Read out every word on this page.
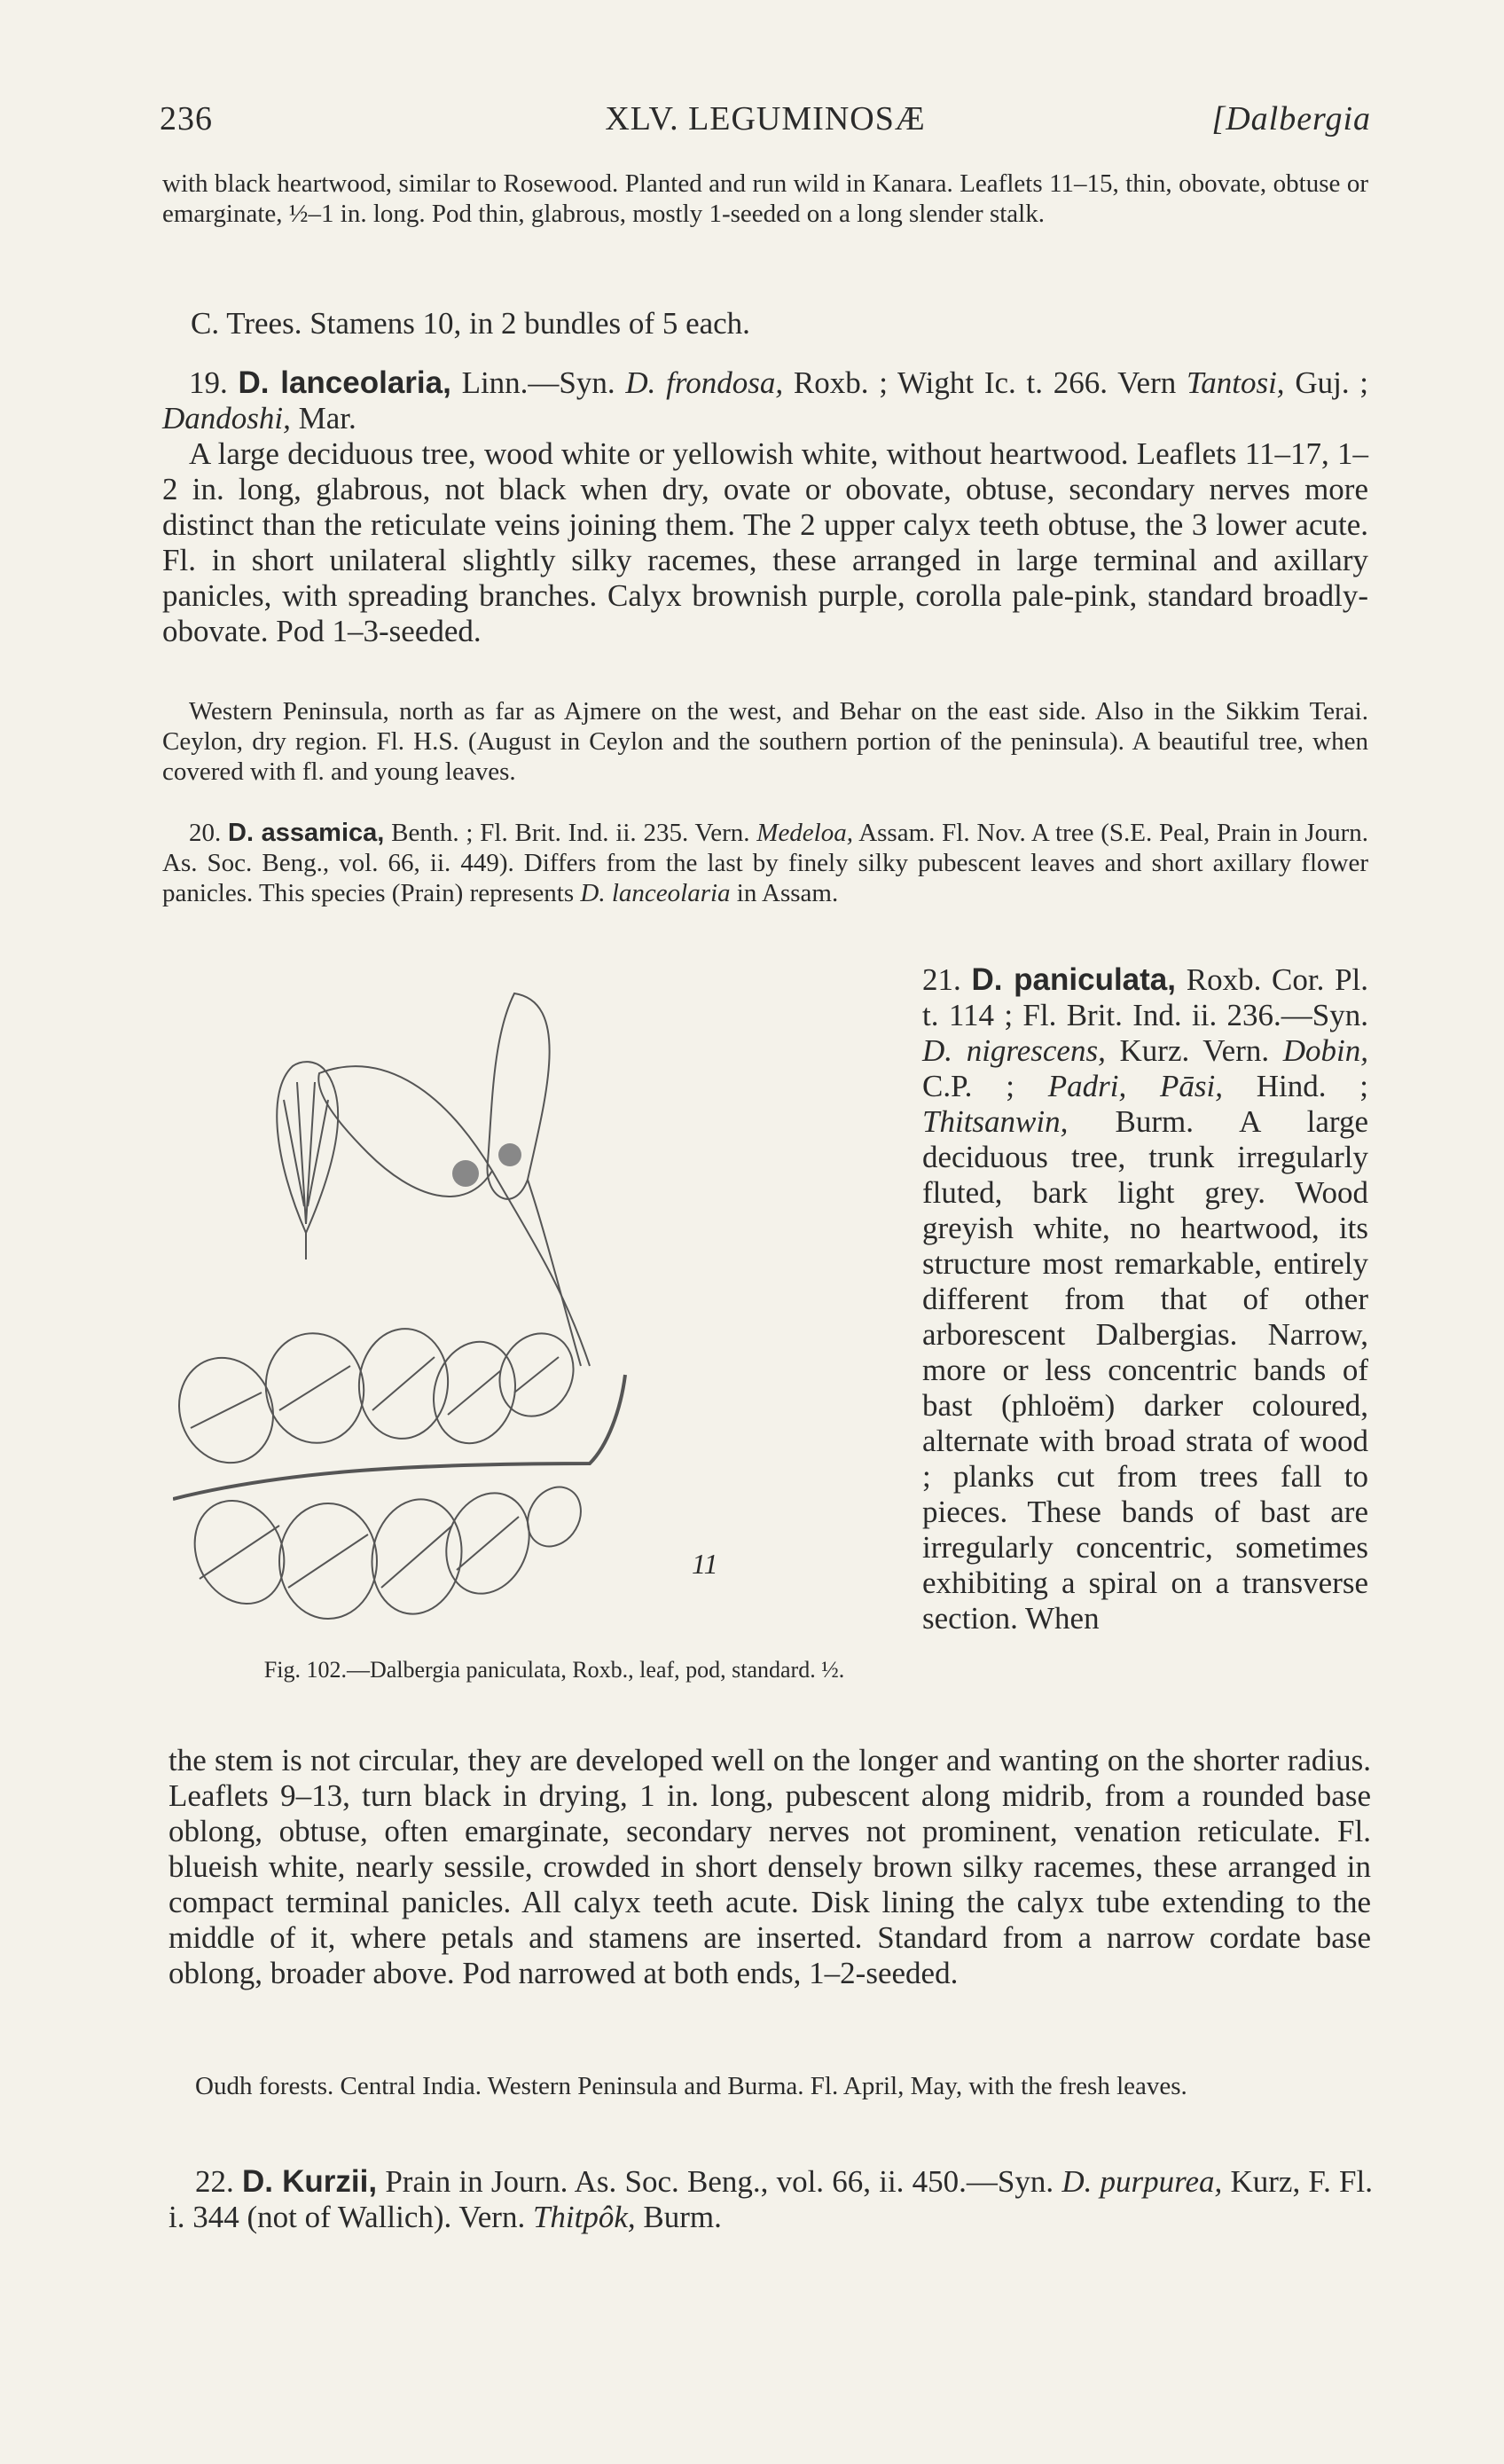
236	XLV. LEGUMINOSÆ	[Dalbergia

with black heartwood, similar to Rosewood. Planted and run wild in Kanara. Leaflets 11–15, thin, obovate, obtuse or emarginate, ½–1 in. long. Pod thin, glabrous, mostly 1-seeded on a long slender stalk.

C. Trees. Stamens 10, in 2 bundles of 5 each.

19. D. lanceolaria, Linn.—Syn. D. frondosa, Roxb. ; Wight Ic. t. 266. Vern Tantosi, Guj. ; Dandoshi, Mar.

A large deciduous tree, wood white or yellowish white, without heartwood. Leaflets 11–17, 1–2 in. long, glabrous, not black when dry, ovate or obovate, obtuse, secondary nerves more distinct than the reticulate veins joining them. The 2 upper calyx teeth obtuse, the 3 lower acute. Fl. in short unilateral slightly silky racemes, these arranged in large terminal and axillary panicles, with spreading branches. Calyx brownish purple, corolla pale-pink, standard broadly-obovate. Pod 1–3-seeded.

Western Peninsula, north as far as Ajmere on the west, and Behar on the east side. Also in the Sikkim Terai. Ceylon, dry region. Fl. H.S. (August in Ceylon and the southern portion of the peninsula). A beautiful tree, when covered with fl. and young leaves.

20. D. assamica, Benth. ; Fl. Brit. Ind. ii. 235. Vern. Medeloa, Assam. Fl. Nov. A tree (S.E. Peal, Prain in Journ. As. Soc. Beng., vol. 66, ii. 449). Differs from the last by finely silky pubescent leaves and short axillary flower panicles. This species (Prain) represents D. lanceolaria in Assam.

11

Fig. 102.—Dalbergia paniculata, Roxb., leaf, pod, standard. ½.

21. D. paniculata, Roxb. Cor. Pl. t. 114 ; Fl. Brit. Ind. ii. 236.—Syn. D. nigrescens, Kurz. Vern. Dobin, C.P. ; Padri, Pāsi, Hind. ; Thitsanwin, Burm. A large deciduous tree, trunk irregularly fluted, bark light grey. Wood greyish white, no heartwood, its structure most remarkable, entirely different from that of other arborescent Dalbergias. Narrow, more or less concentric bands of bast (phloëm) darker coloured, alternate with broad strata of wood ; planks cut from trees fall to pieces. These bands of bast are irregularly concentric, sometimes exhibiting a spiral on a transverse section. When

the stem is not circular, they are developed well on the longer and wanting on the shorter radius. Leaflets 9–13, turn black in drying, 1 in. long, pubescent along midrib, from a rounded base oblong, obtuse, often emarginate, secondary nerves not prominent, venation reticulate. Fl. blueish white, nearly sessile, crowded in short densely brown silky racemes, these arranged in compact terminal panicles. All calyx teeth acute. Disk lining the calyx tube extending to the middle of it, where petals and stamens are inserted. Standard from a narrow cordate base oblong, broader above. Pod narrowed at both ends, 1–2-seeded.

Oudh forests. Central India. Western Peninsula and Burma. Fl. April, May, with the fresh leaves.

22. D. Kurzii, Prain in Journ. As. Soc. Beng., vol. 66, ii. 450.—Syn. D. purpurea, Kurz, F. Fl. i. 344 (not of Wallich). Vern. Thitpôk, Burm.
